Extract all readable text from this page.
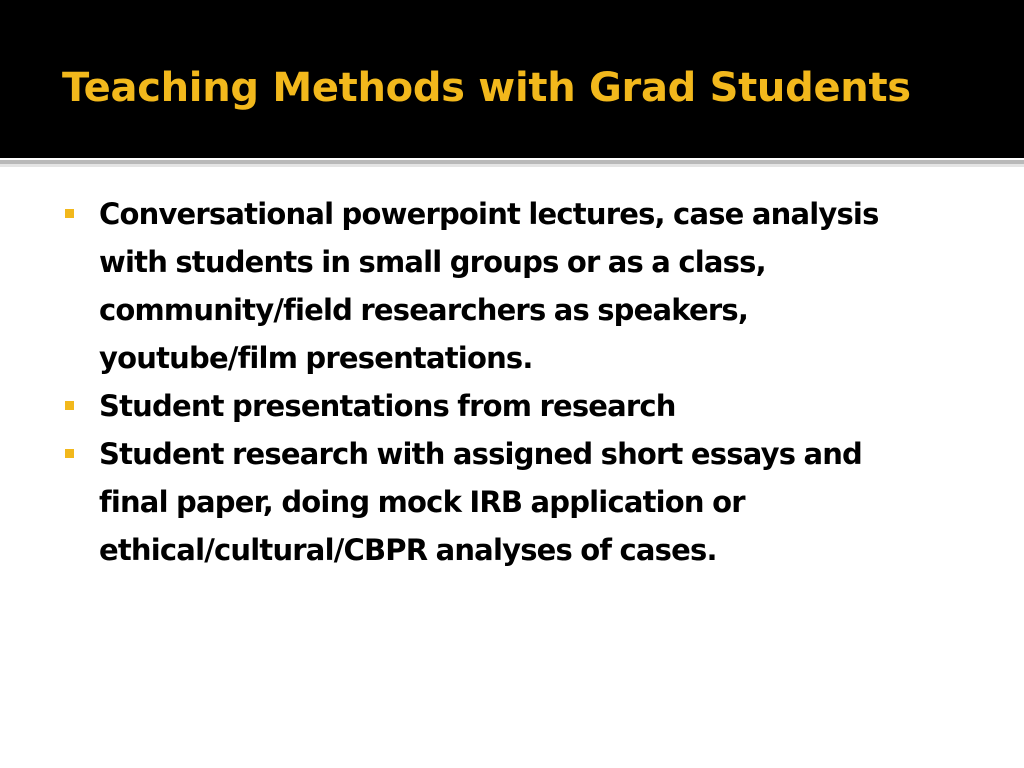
Teaching Methods with Grad Students
Conversational powerpoint lectures, case analysis
with students in small groups or as a class,
community/field researchers as speakers,
youtube/film presentations.
Student presentations from research
Student research with assigned short essays and
final paper, doing mock IRB application or
ethical/cultural/CBPR analyses of cases.
